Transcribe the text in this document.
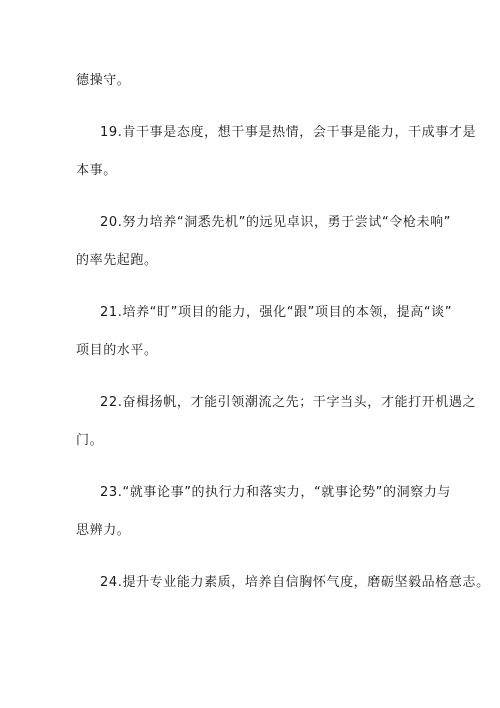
德操守。
19.肯干事是态度，想干事是热情，会干事是能力，干成事才是
本事。
20.努力培养“洞悉先机”的远见卓识，勇于尝试“令枪未响”
的率先起跑。
21.培养“盯”项目的能力，强化“跟”项目的本领，提高“谈”
项目的水平。
22.奋楫扬帆，才能引领潮流之先；干字当头，才能打开机遇之
门。
23.“就事论事”的执行力和落实力，“就事论势”的洞察力与
思辨力。
24.提升专业能力素质，培养自信胸怀气度，磨砺坚毅品格意志。
